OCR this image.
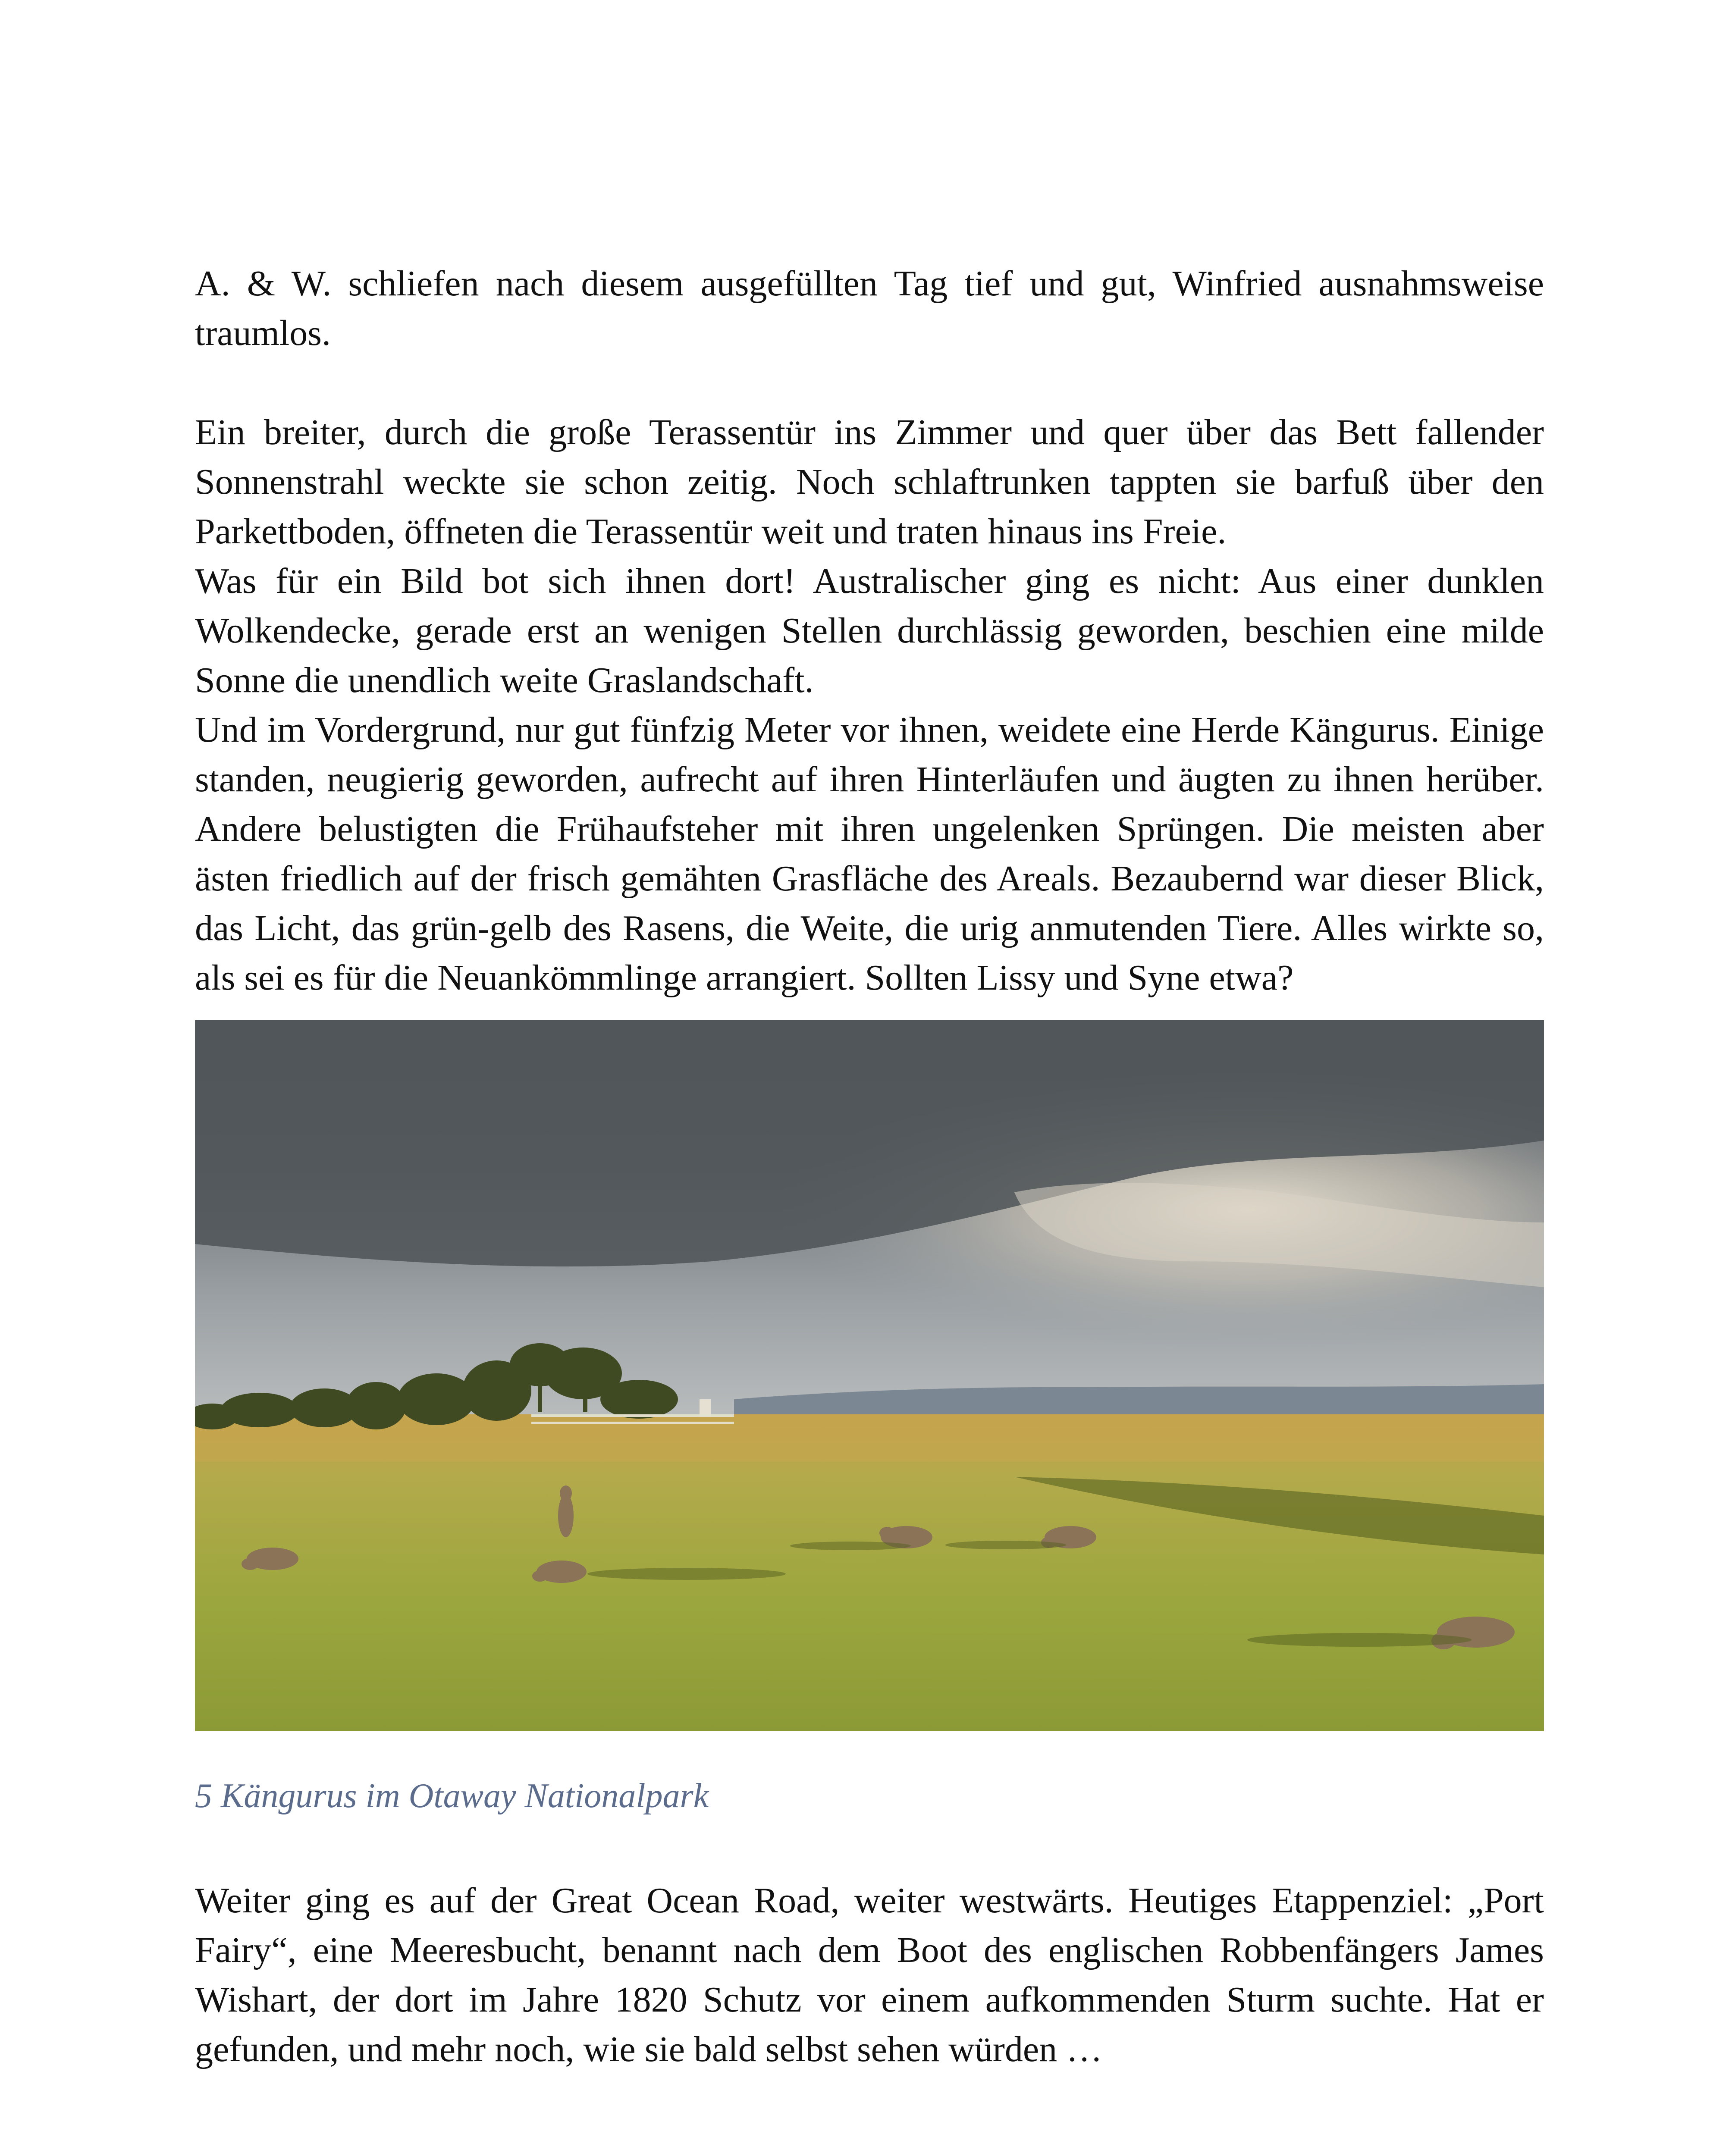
A. & W. schliefen nach diesem ausgefüllten Tag tief und gut, Winfried ausnahmsweise traumlos.

Ein breiter, durch die große Terassentür ins Zimmer und quer über das Bett fallender Sonnenstrahl weckte sie schon zeitig. Noch schlaftrunken tappten sie barfuß über den Parkettboden, öffneten die Terassentür weit und traten hinaus ins Freie.

Was für ein Bild bot sich ihnen dort! Australischer ging es nicht: Aus einer dunklen Wolkendecke, gerade erst an wenigen Stellen durchlässig geworden, beschien eine milde Sonne die unendlich weite Graslandschaft.

Und im Vordergrund, nur gut fünfzig Meter vor ihnen, weidete eine Herde Kängurus. Einige standen, neugierig geworden, aufrecht auf ihren Hinterläufen und äugten zu ihnen herüber. Andere belustigten die Frühaufsteher mit ihren ungelenken Sprüngen. Die meisten aber ästen friedlich auf der frisch gemähten Grasfläche des Areals. Bezaubernd war dieser Blick, das Licht, das grün-gelb des Rasens, die Weite, die urig anmutenden Tiere. Alles wirkte so, als sei es für die Neuankömmlinge arrangiert. Sollten Lissy und Syne etwa?

5 Kängurus im Otaway Nationalpark

Weiter ging es auf der Great Ocean Road, weiter westwärts. Heutiges Etappenziel: „Port Fairy“, eine Meeresbucht, benannt nach dem Boot des englischen Robbenfängers James Wishart, der dort im Jahre 1820 Schutz vor einem aufkommenden Sturm suchte. Hat er gefunden, und mehr noch, wie sie bald selbst sehen würden …
